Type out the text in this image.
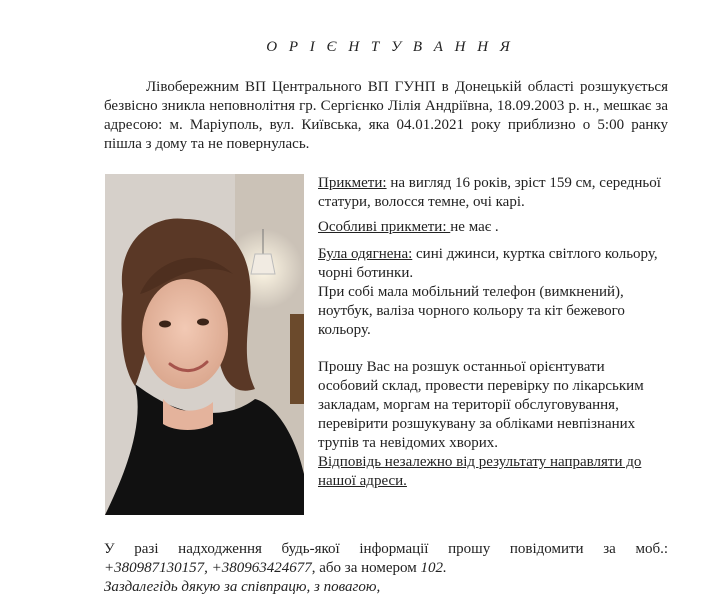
О Р І Є Н Т У В А Н Н Я

Лівобережним ВП Центрального ВП ГУНП в Донецькій області розшукується безвісно зникла неповнолітня гр. Сергієнко Лілія Андріївна, 18.09.2003 р. н., мешкає за адресою: м. Маріуполь, вул. Київська, яка 04.01.2021 року приблизно о 5:00 ранку пішла з дому та не повернулась.

Прикмети: на вигляд 16 років, зріст 159 см, середньої статури, волосся темне, очі карі.

Особливі прикмети: не має .

Була одягнена: сині джинси, куртка світлого кольору, чорні ботинки.

При собі мала мобільний телефон (вимкнений), ноутбук, валіза чорного кольору та кіт бежевого кольору.

Прошу Вас на розшук останньої орієнтувати особовий склад, провести перевірку по лікарським закладам, моргам на території обслуговування, перевірити розшукувану за обліками невпізнаних трупів та невідомих хворих.

Відповідь незалежно від результату направляти до нашої адреси.

У разі надходження будь-якої інформації прошу повідомити за моб.:
+380987130157, +380963424677, або за номером 102.
Заздалегідь дякую за співпрацю, з повагою,
